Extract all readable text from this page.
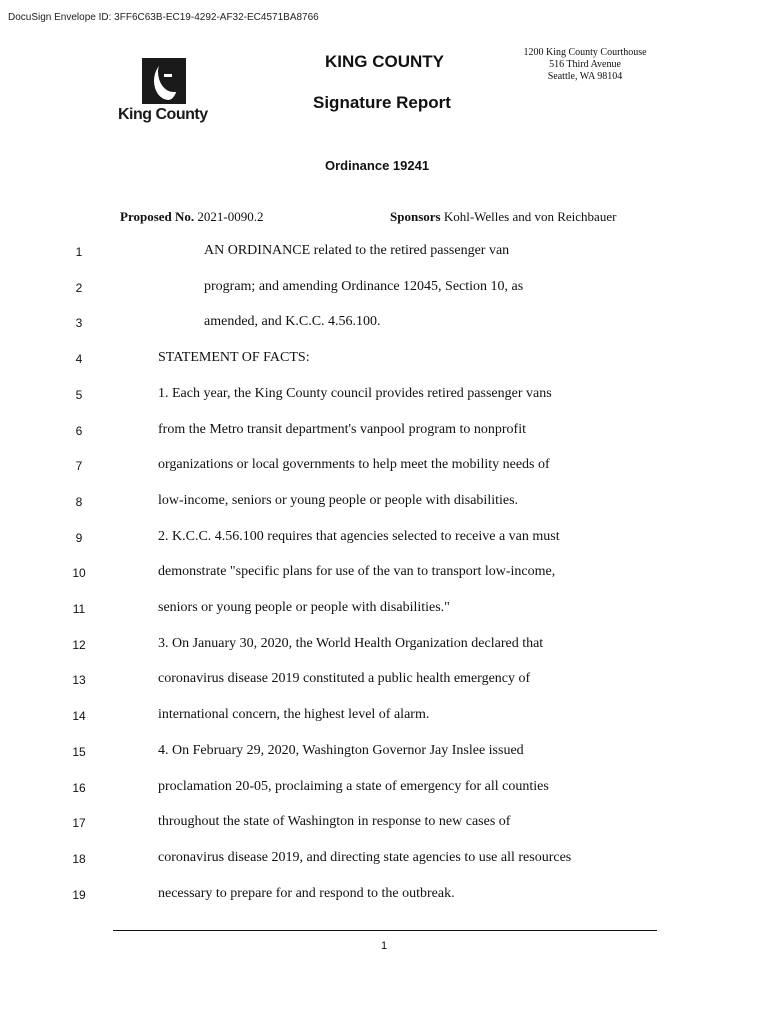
DocuSign Envelope ID: 3FF6C63B-EC19-4292-AF32-EC4571BA8766
King County
KING COUNTY	1200 King County Courthouse
516 Third Avenue
Seattle, WA 98104
Signature Report
Ordinance 19241
Proposed No. 2021-0090.2	Sponsors Kohl-Welles and von Reichbauer
1	AN ORDINANCE related to the retired passenger van
2	program; and amending Ordinance 12045, Section 10, as
3	amended, and K.C.C. 4.56.100.
4	STATEMENT OF FACTS:
5	1. Each year, the King County council provides retired passenger vans
6	from the Metro transit department's vanpool program to nonprofit
7	organizations or local governments to help meet the mobility needs of
8	low-income, seniors or young people or people with disabilities.
9	2. K.C.C. 4.56.100 requires that agencies selected to receive a van must
10	demonstrate "specific plans for use of the van to transport low-income,
11	seniors or young people or people with disabilities."
12	3. On January 30, 2020, the World Health Organization declared that
13	coronavirus disease 2019 constituted a public health emergency of
14	international concern, the highest level of alarm.
15	4. On February 29, 2020, Washington Governor Jay Inslee issued
16	proclamation 20-05, proclaiming a state of emergency for all counties
17	throughout the state of Washington in response to new cases of
18	coronavirus disease 2019, and directing state agencies to use all resources
19	necessary to prepare for and respond to the outbreak.
1
